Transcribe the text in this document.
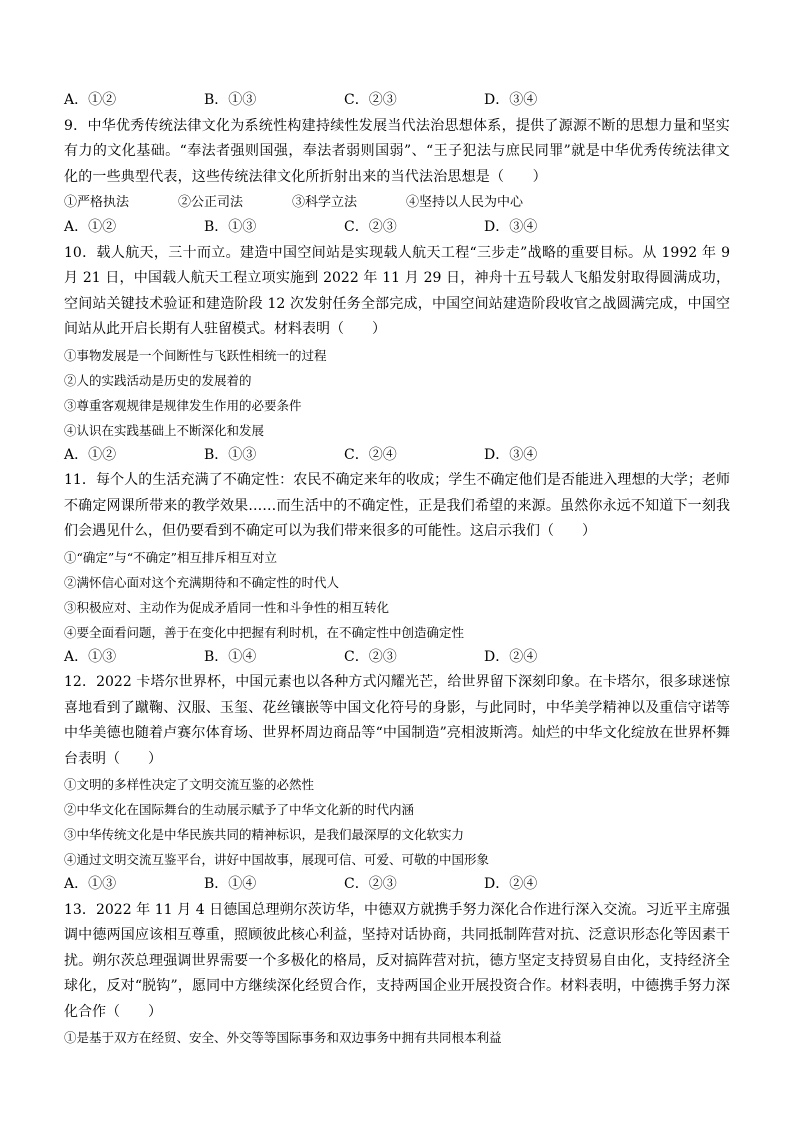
A．①②	B．①③	C．②③	D．③④
9．中华优秀传统法律文化为系统性构建持续性发展当代法治思想体系，提供了源源不断的思想力量和坚实有力的文化基础。“奉法者强则国强，奉法者弱则国弱”、“王子犯法与庶民同罪”就是中华优秀传统法律文化的一些典型代表，这些传统法律文化所折射出来的当代法治思想是（　　）
①严格执法	②公正司法	③科学立法	④坚持以人民为中心
A．①②	B．①③	C．②③	D．③④
10．载人航天，三十而立。建造中国空间站是实现载人航天工程“三步走”战略的重要目标。从 1992 年 9 月 21 日，中国载人航天工程立项实施到 2022 年 11 月 29 日，神舟十五号载人飞船发射取得圆满成功，空间站关键技术验证和建造阶段 12 次发射任务全部完成，中国空间站建造阶段收官之战圆满完成，中国空间站从此开启长期有人驻留模式。材料表明（　　）
①事物发展是一个间断性与飞跃性相统一的过程
②人的实践活动是历史的发展着的
③尊重客观规律是规律发生作用的必要条件
④认识在实践基础上不断深化和发展
A．①②	B．①③	C．②④	D．③④
11．每个人的生活充满了不确定性：农民不确定来年的收成；学生不确定他们是否能进入理想的大学；老师不确定网课所带来的教学效果……而生活中的不确定性，正是我们希望的来源。虽然你永远不知道下一刻我们会遇见什么，但仍要看到不确定可以为我们带来很多的可能性。这启示我们（　　）
①“确定”与“不确定”相互排斥相互对立
②满怀信心面对这个充满期待和不确定性的时代人
③积极应对、主动作为促成矛盾同一性和斗争性的相互转化
④要全面看问题，善于在变化中把握有利时机，在不确定性中创造确定性
A．①③	B．①④	C．②③	D．②④
12．2022 卡塔尔世界杯，中国元素也以各种方式闪耀光芒，给世界留下深刻印象。在卡塔尔，很多球迷惊喜地看到了蹴鞠、汉服、玉玺、花丝镶嵌等中国文化符号的身影，与此同时，中华美学精神以及重信守诺等中华美德也随着卢赛尔体育场、世界杯周边商品等“中国制造”亮相波斯湾。灿烂的中华文化绽放在世界杯舞台表明（　　）
①文明的多样性决定了文明交流互鉴的必然性
②中华文化在国际舞台的生动展示赋予了中华文化新的时代内涵
③中华传统文化是中华民族共同的精神标识，是我们最深厚的文化软实力
④通过文明交流互鉴平台，讲好中国故事，展现可信、可爱、可敬的中国形象
A．①③	B．①④	C．②③	D．②④
13．2022 年 11 月 4 日德国总理朔尔茨访华，中德双方就携手努力深化合作进行深入交流。习近平主席强调中德两国应该相互尊重，照顾彼此核心利益，坚持对话协商，共同抵制阵营对抗、泛意识形态化等因素干扰。朔尔茨总理强调世界需要一个多极化的格局，反对搞阵营对抗，德方坚定支持贸易自由化，支持经济全球化，反对“脱钩”，愿同中方继续深化经贸合作，支持两国企业开展投资合作。材料表明，中德携手努力深化合作（　　）
①是基于双方在经贸、安全、外交等等国际事务和双边事务中拥有共同根本利益
